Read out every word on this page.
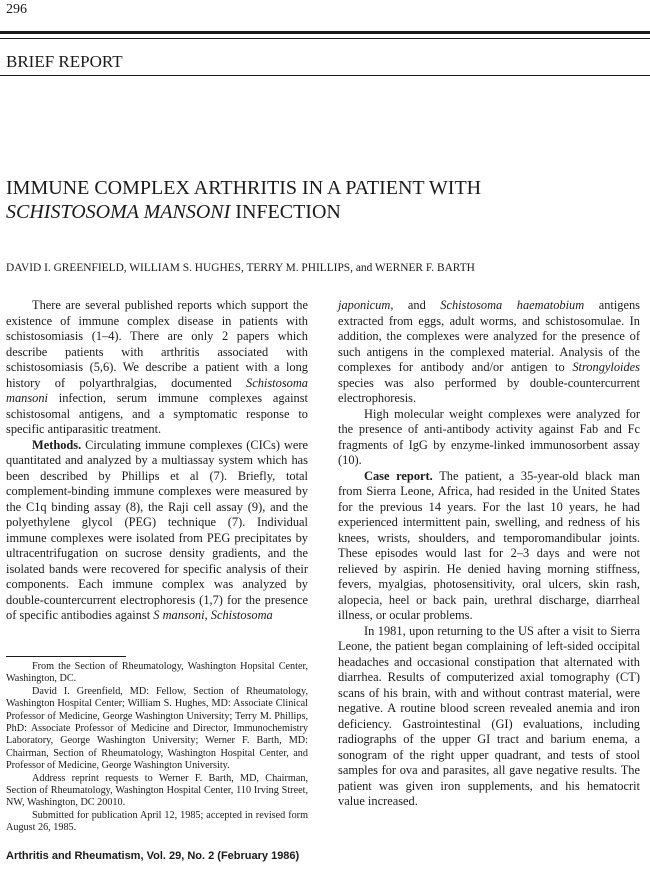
296
BRIEF REPORT
IMMUNE COMPLEX ARTHRITIS IN A PATIENT WITH
SCHISTOSOMA MANSONI INFECTION
DAVID I. GREENFIELD, WILLIAM S. HUGHES, TERRY M. PHILLIPS, and WERNER F. BARTH

There are several published reports which support the existence of immune complex disease in patients with schistosomiasis (1–4). There are only 2 papers which describe patients with arthritis associated with schistosomiasis (5,6). We describe a patient with a long history of polyarthralgias, documented Schistosoma mansoni infection, serum immune complexes against schistosomal antigens, and a symptomatic response to specific antiparasitic treatment.

Methods. Circulating immune complexes (CICs) were quantitated and analyzed by a multiassay system which has been described by Phillips et al (7). Briefly, total complement-binding immune complexes were measured by the C1q binding assay (8), the Raji cell assay (9), and the polyethylene glycol (PEG) technique (7). Individual immune complexes were isolated from PEG precipitates by ultracentrifugation on sucrose density gradients, and the isolated bands were recovered for specific analysis of their components. Each immune complex was analyzed by double-countercurrent electrophoresis (1,7) for the presence of specific antibodies against S mansoni, Schistosoma

From the Section of Rheumatology, Washington Hopsital Center, Washington, DC.

David I. Greenfield, MD: Fellow, Section of Rheumatology, Washington Hospital Center; William S. Hughes, MD: Associate Clinical Professor of Medicine, George Washington University; Terry M. Phillips, PhD: Associate Professor of Medicine and Director, Immunochemistry Laboratory, George Washington University; Werner F. Barth, MD: Chairman, Section of Rheumatology, Washington Hospital Center, and Professor of Medicine, George Washington University.

Address reprint requests to Werner F. Barth, MD, Chairman, Section of Rheumatology, Washington Hospital Center, 110 Irving Street, NW, Washington, DC 20010.

Submitted for publication April 12, 1985; accepted in revised form August 26, 1985.

japonicum, and Schistosoma haematobium antigens extracted from eggs, adult worms, and schistosomulae. In addition, the complexes were analyzed for the presence of such antigens in the complexed material. Analysis of the complexes for antibody and/or antigen to Strongyloides species was also performed by double-countercurrent electrophoresis.

High molecular weight complexes were analyzed for the presence of anti-antibody activity against Fab and Fc fragments of IgG by enzyme-linked immunosorbent assay (10).

Case report. The patient, a 35-year-old black man from Sierra Leone, Africa, had resided in the United States for the previous 14 years. For the last 10 years, he had experienced intermittent pain, swelling, and redness of his knees, wrists, shoulders, and temporomandibular joints. These episodes would last for 2–3 days and were not relieved by aspirin. He denied having morning stiffness, fevers, myalgias, photosensitivity, oral ulcers, skin rash, alopecia, heel or back pain, urethral discharge, diarrheal illness, or ocular problems.

In 1981, upon returning to the US after a visit to Sierra Leone, the patient began complaining of left-sided occipital headaches and occasional constipation that alternated with diarrhea. Results of computerized axial tomography (CT) scans of his brain, with and without contrast material, were negative. A routine blood screen revealed anemia and iron deficiency. Gastrointestinal (GI) evaluations, including radiographs of the upper GI tract and barium enema, a sonogram of the right upper quadrant, and tests of stool samples for ova and parasites, all gave negative results. The patient was given iron supplements, and his hematocrit value increased.

Arthritis and Rheumatism, Vol. 29, No. 2 (February 1986)
